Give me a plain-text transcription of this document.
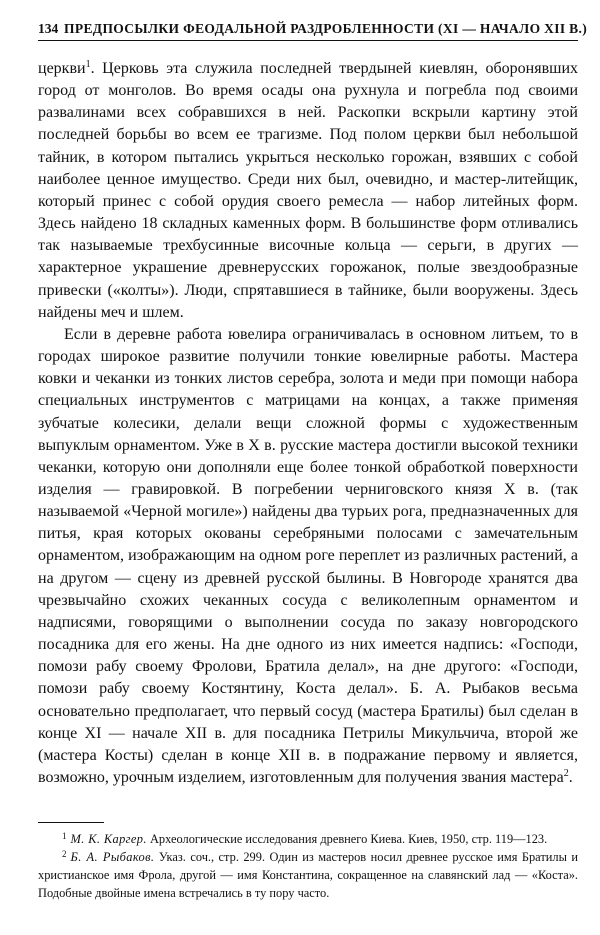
134 ПРЕДПОСЫЛКИ ФЕОДАЛЬНОЙ РАЗДРОБЛЕННОСТИ (XI — НАЧАЛО XII В.)

церкви$^1$. Церковь эта служила последней твердыней киевлян, оборонявших город от монголов. Во время осады она рухнула и погребла под своими развалинами всех собравшихся в ней. Раскопки вскрыли картину этой последней борьбы во всем ее трагизме. Под полом церкви был небольшой тайник, в котором пытались укрыться несколько горожан, взявших с собой наиболее ценное имущество. Среди них был, очевидно, и мастер-литейщик, который принес с собой орудия своего ремесла — набор литейных форм. Здесь найдено 18 складных каменных форм. В большинстве форм отливались так называемые трехбусинные височные кольца — серьги, в других — характерное украшение древнерусских горожанок, полые звездообразные привески («колты»). Люди, спрятавшиеся в тайнике, были вооружены. Здесь найдены меч и шлем.

Если в деревне работа ювелира ограничивалась в основном литьем, то в городах широкое развитие получили тонкие ювелирные работы. Мастера ковки и чеканки из тонких листов серебра, золота и меди при помощи набора специальных инструментов с матрицами на концах, а также применяя зубчатые колесики, делали вещи сложной формы с художественным выпуклым орнаментом. Уже в X в. русские мастера достигли высокой техники чеканки, которую они дополняли еще более тонкой обработкой поверхности изделия — гравировкой. В погребении черниговского князя X в. (так называемой «Черной могиле») найдены два турьих рога, предназначенных для питья, края которых окованы серебряными полосами с замечательным орнаментом, изображающим на одном роге переплет из различных растений, а на другом — сцену из древней русской былины. В Новгороде хранятся два чрезвычайно схожих чеканных сосуда с великолепным орнаментом и надписями, говорящими о выполнении сосуда по заказу новгородского посадника для его жены. На дне одного из них имеется надпись: «Господи, помози рабу своему Фролови, Братила делал», на дне другого: «Господи, помози рабу своему Костянтину, Коста делал». Б. А. Рыбаков весьма основательно предполагает, что первый сосуд (мастера Братилы) был сделан в конце XI — начале XII в. для посадника Петрилы Микульчича, второй же (мастера Косты) сделан в конце XII в. в подражание первому и является, возможно, урочным изделием, изготовленным для получения звания мастера$^2$.

$^1$ М. К. Каргер. Археологические исследования древнего Киева. Киев, 1950, стр. 119—123.

$^2$ Б. А. Рыбаков. Указ. соч., стр. 299. Один из мастеров носил древнее русское имя Братилы и христианское имя Фрола, другой — имя Константина, сокращенное на славянский лад — «Коста». Подобные двойные имена встречались в ту пору часто.
